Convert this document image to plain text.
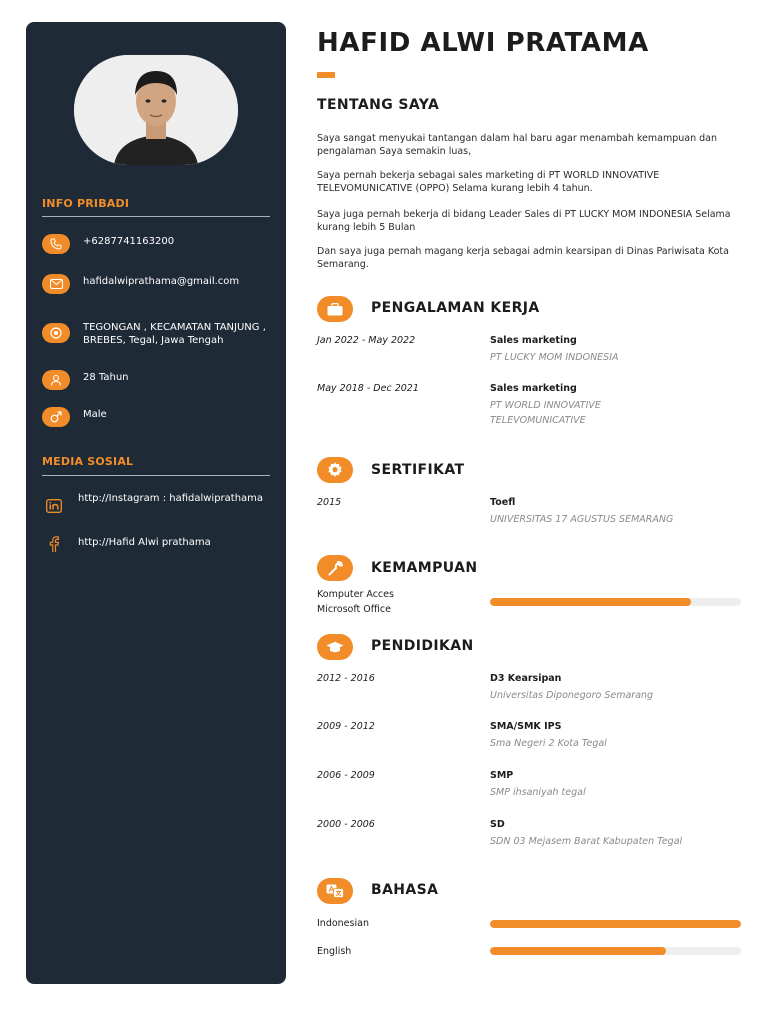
INFO PRIBADI
+6287741163200
hafidalwiprathama@gmail.com
TEGONGAN , KECAMATAN TANJUNG , BREBES, Tegal, Jawa Tengah
28 Tahun
Male
MEDIA SOSIAL
http://Instagram : hafidalwiprathama
http://Hafid Alwi prathama
HAFID ALWI PRATAMA
TENTANG SAYA

Saya sangat menyukai tantangan dalam hal baru agar menambah kemampuan dan pengalaman Saya semakin luas,

Saya pernah bekerja sebagai sales marketing di PT WORLD INNOVATIVE TELEVOMUNICATIVE (OPPO) Selama kurang lebih 4 tahun.

Saya juga pernah bekerja di bidang Leader Sales di PT LUCKY MOM INDONESIA Selama kurang lebih 5 Bulan

Dan saya juga pernah magang kerja sebagai admin kearsipan di Dinas Pariwisata Kota Semarang.

PENGALAMAN KERJA
Jan 2022 - May 2022	Sales marketing
PT LUCKY MOM INDONESIA
May 2018 - Dec 2021	Sales marketing
PT WORLD INNOVATIVE TELEVOMUNICATIVE
SERTIFIKAT
2015	Toefl
UNIVERSITAS 17 AGUSTUS SEMARANG
KEMAMPUAN
Komputer Acces Microsoft Office
PENDIDIKAN
2012 - 2016	D3 Kearsipan
Universitas Diponegoro Semarang
2009 - 2012	SMA/SMK IPS
Sma Negeri 2 Kota Tegal
2006 - 2009	SMP
SMP ihsaniyah tegal
2000 - 2006	SD
SDN 03 Mejasem Barat Kabupaten Tegal
BAHASA
Indonesian
English
